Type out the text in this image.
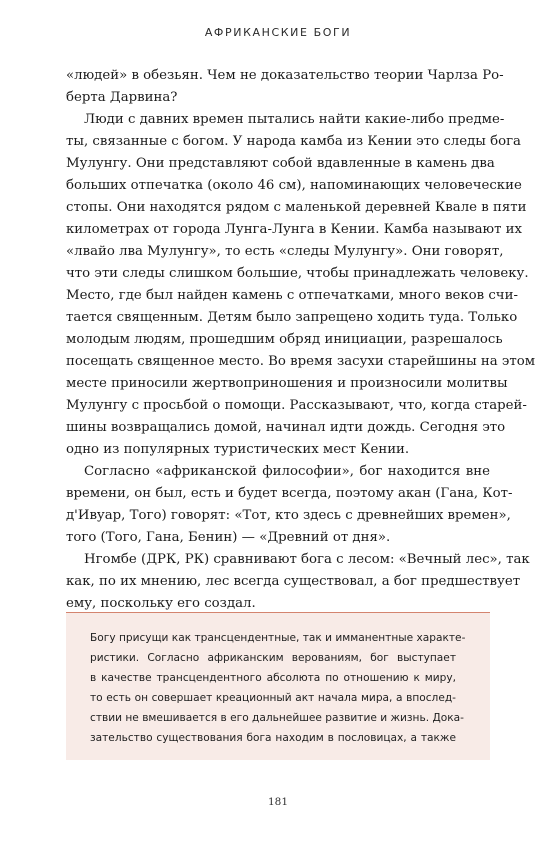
АФРИКАНСКИЕ БОГИ
«людей» в обезьян. Чем не доказательство теории Чарлза Ро-
берта Дарвина?
Люди с давних времен пытались найти какие-либо предме-
ты, связанные с богом. У народа камба из Кении это следы бога
Мулунгу. Они представляют собой вдавленные в камень два
больших отпечатка (около 46 см), напоминающих человеческие
стопы. Они находятся рядом с маленькой деревней Квале в пяти
километрах от города Лунга-Лунга в Кении. Камба называют их
«лвайо лва Мулунгу», то есть «следы Мулунгу». Они говорят,
что эти следы слишком большие, чтобы принадлежать человеку.
Место, где был найден камень с отпечатками, много веков счи-
тается священным. Детям было запрещено ходить туда. Только
молодым людям, прошедшим обряд инициации, разрешалось
посещать священное место. Во время засухи старейшины на этом
месте приносили жертвоприношения и произносили молитвы
Мулунгу с просьбой о помощи. Рассказывают, что, когда старей-
шины возвращались домой, начинал идти дождь. Сегодня это
одно из популярных туристических мест Кении.
Согласно «африканской философии», бог находится вне
времени, он был, есть и будет всегда, поэтому акан (Гана, Кот-
д'Ивуар, Того) говорят: «Тот, кто здесь с древнейших времен»,
того (Того, Гана, Бенин) — «Древний от дня».
Нгомбе (ДРК, РК) сравнивают бога с лесом: «Вечный лес», так
как, по их мнению, лес всегда существовал, а бог предшествует
ему, поскольку его создал.
Богу присущи как трансцендентные, так и имманентные характе-
ристики. Согласно африканским верованиям, бог выступает
в качестве трансцендентного абсолюта по отношению к миру,
то есть он совершает креационный акт начала мира, а впослед-
ствии не вмешивается в его дальнейшее развитие и жизнь. Дока-
зательство существования бога находим в пословицах, а также
181
